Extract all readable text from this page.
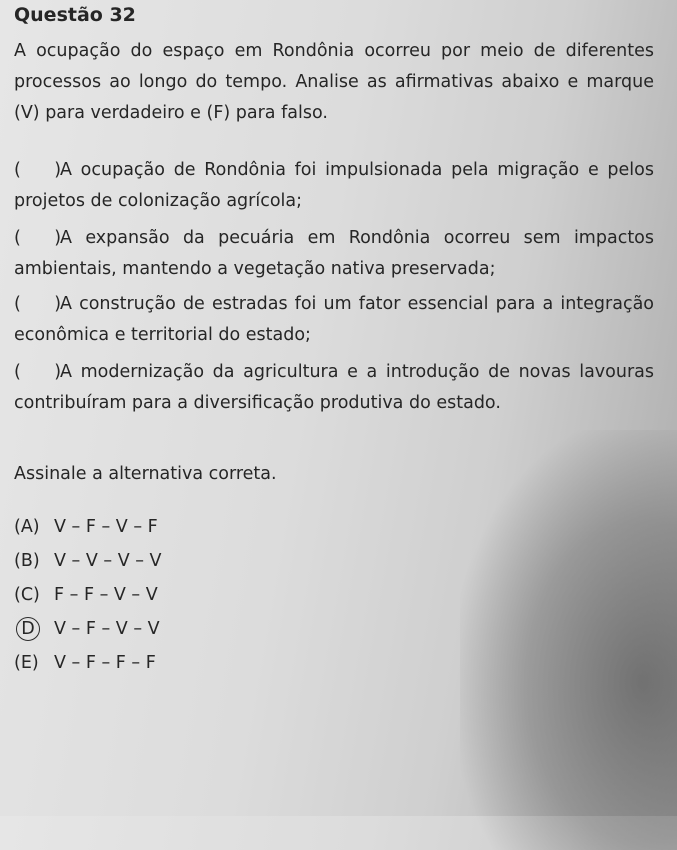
Questão 32

A ocupação do espaço em Rondônia ocorreu por meio de diferentes processos ao longo do tempo. Analise as afirmativas abaixo e marque (V) para verdadeiro e (F) para falso.

(      )A ocupação de Rondônia foi impulsionada pela migração e pelos projetos de colonização agrícola;

(      )A expansão da pecuária em Rondônia ocorreu sem impactos ambientais, mantendo a vegetação nativa preservada;

(      )A construção de estradas foi um fator essencial para a integração econômica e territorial do estado;

(      )A modernização da agricultura e a introdução de novas lavouras contribuíram para a diversificação produtiva do estado.

Assinale a alternativa correta.

(A) V – F – V – F
(B) V – V – V – V
(C) F – F – V – V
D	V – F – V – V
(E) V – F – F – F
